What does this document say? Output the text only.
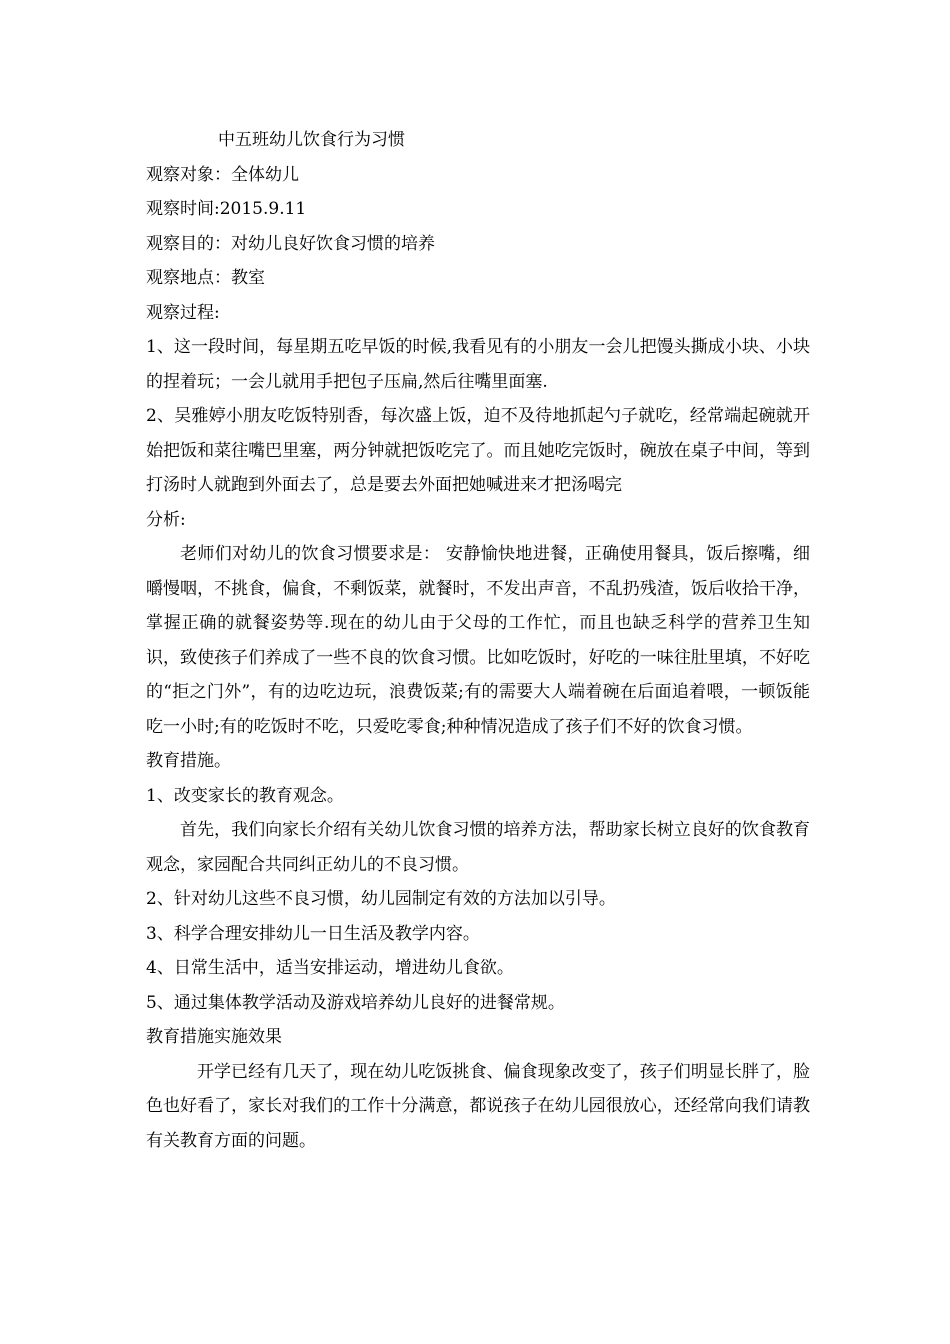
中五班幼儿饮食行为习惯
观察对象：全体幼儿
观察时间:2015.9.11
观察目的：对幼儿良好饮食习惯的培养
观察地点：教室
观察过程:
1、这一段时间，每星期五吃早饭的时候,我看见有的小朋友一会儿把馒头撕成小块、小块的捏着玩；一会儿就用手把包子压扁,然后往嘴里面塞.
2、吴雅婷小朋友吃饭特别香，每次盛上饭，迫不及待地抓起勺子就吃，经常端起碗就开始把饭和菜往嘴巴里塞，两分钟就把饭吃完了。而且她吃完饭时，碗放在桌子中间，等到打汤时人就跑到外面去了，总是要去外面把她喊进来才把汤喝完
分析:
老师们对幼儿的饮食习惯要求是： 安静愉快地进餐，正确使用餐具，饭后擦嘴，细嚼慢咽，不挑食，偏食，不剩饭菜，就餐时，不发出声音，不乱扔残渣，饭后收拾干净，掌握正确的就餐姿势等.现在的幼儿由于父母的工作忙，而且也缺乏科学的营养卫生知识，致使孩子们养成了一些不良的饮食习惯。比如吃饭时，好吃的一味往肚里填，不好吃的“拒之门外”，有的边吃边玩，浪费饭菜;有的需要大人端着碗在后面追着喂，一顿饭能吃一小时;有的吃饭时不吃，只爱吃零食;种种情况造成了孩子们不好的饮食习惯。
教育措施。
1、改变家长的教育观念。
首先，我们向家长介绍有关幼儿饮食习惯的培养方法，帮助家长树立良好的饮食教育观念，家园配合共同纠正幼儿的不良习惯。
2、针对幼儿这些不良习惯，幼儿园制定有效的方法加以引导。
3、科学合理安排幼儿一日生活及教学内容。
4、日常生活中，适当安排运动，增进幼儿食欲。
5、通过集体教学活动及游戏培养幼儿良好的进餐常规。
教育措施实施效果
开学已经有几天了，现在幼儿吃饭挑食、偏食现象改变了，孩子们明显长胖了，脸色也好看了，家长对我们的工作十分满意，都说孩子在幼儿园很放心，还经常向我们请教有关教育方面的问题。
